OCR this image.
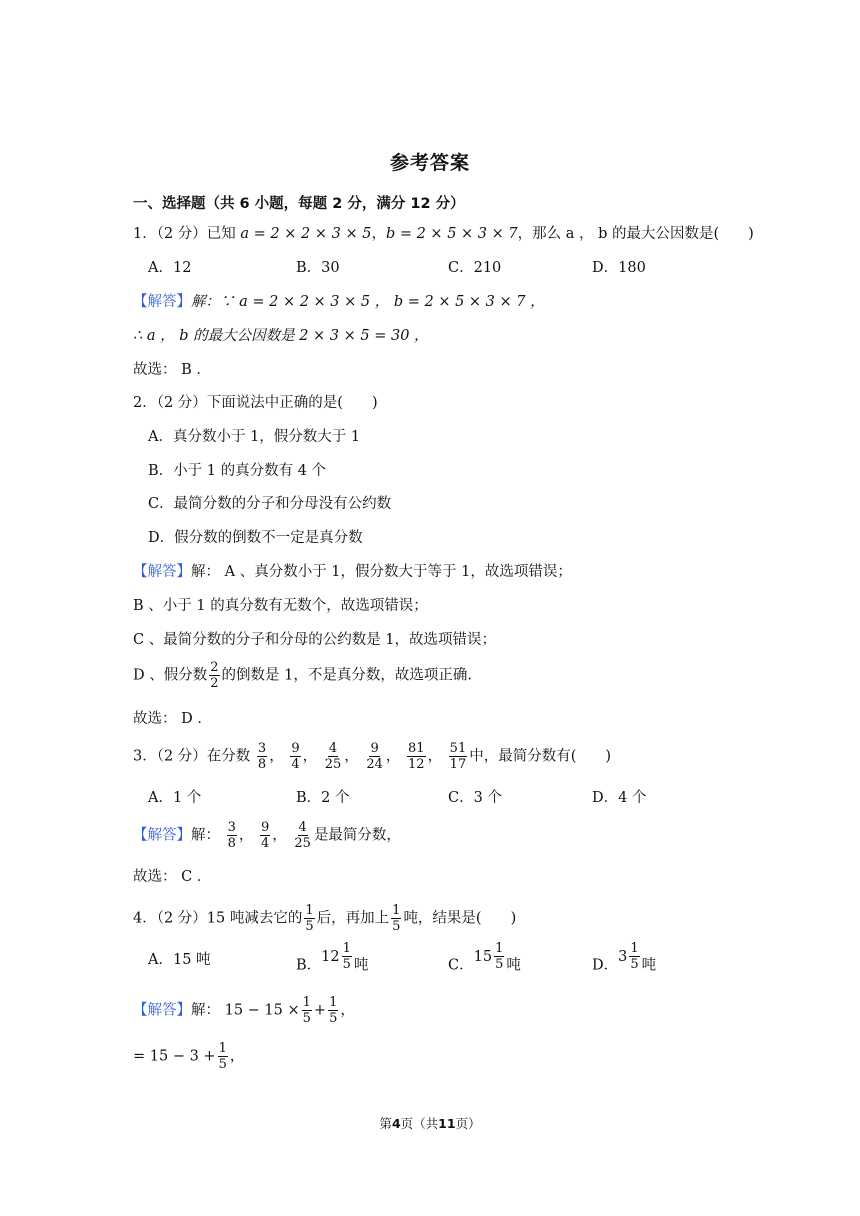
参考答案
一、选择题（共 6 小题，每题 2 分，满分 12 分）
1．（2 分）已知 a = 2 × 2 × 3 × 5，b = 2 × 5 × 3 × 7，那么 a ， b 的最大公因数是(　　)
A．12	B．30	C．210	D．180
【解答】解：∵ a = 2 × 2 × 3 × 5 ， b = 2 × 5 × 3 × 7 ，
∴ a ， b 的最大公因数是 2 × 3 × 5 = 30 ，
故选： B ．
2．（2 分）下面说法中正确的是(　　)
A．真分数小于 1，假分数大于 1
B．小于 1 的真分数有 4 个
C．最简分数的分子和分母没有公约数
D．假分数的倒数不一定是真分数
【解答】解： A 、真分数小于 1，假分数大于等于 1，故选项错误；
B 、小于 1 的真分数有无数个，故选项错误；
C 、最简分数的分子和分母的公约数是 1，故选项错误；
D 、假分数 $\frac{2}{2}$ 的倒数是 1，不是真分数，故选项正确.
故选： D ．
3．（2 分）在分数 $\frac{3}{8}$ ， $\frac{9}{4}$ ， $\frac{4}{25}$ ， $\frac{9}{24}$ ， $\frac{81}{12}$ ， $\frac{51}{17}$ 中，最简分数有(　　)
A．1 个	B．2 个	C．3 个	D．4 个
【解答】解： $\frac{3}{8}$ ， $\frac{9}{4}$ ， $\frac{4}{25}$ 是最简分数，
故选： C ．
4．（2 分）15 吨减去它的 $\frac{1}{5}$ 后，再加上 $\frac{1}{5}$ 吨，结果是(　　)
A．15 吨	B．
$12 \frac{1}{5}$ 吨	C．
$15 \frac{1}{5}$ 吨	D．
$3 \frac{1}{5}$ 吨
【解答】解： $15 - 15 \times \frac{1}{5} + \frac{1}{5}$ ，
= $15 - 3 + \frac{1}{5}$ ，
第4页（共11页）
